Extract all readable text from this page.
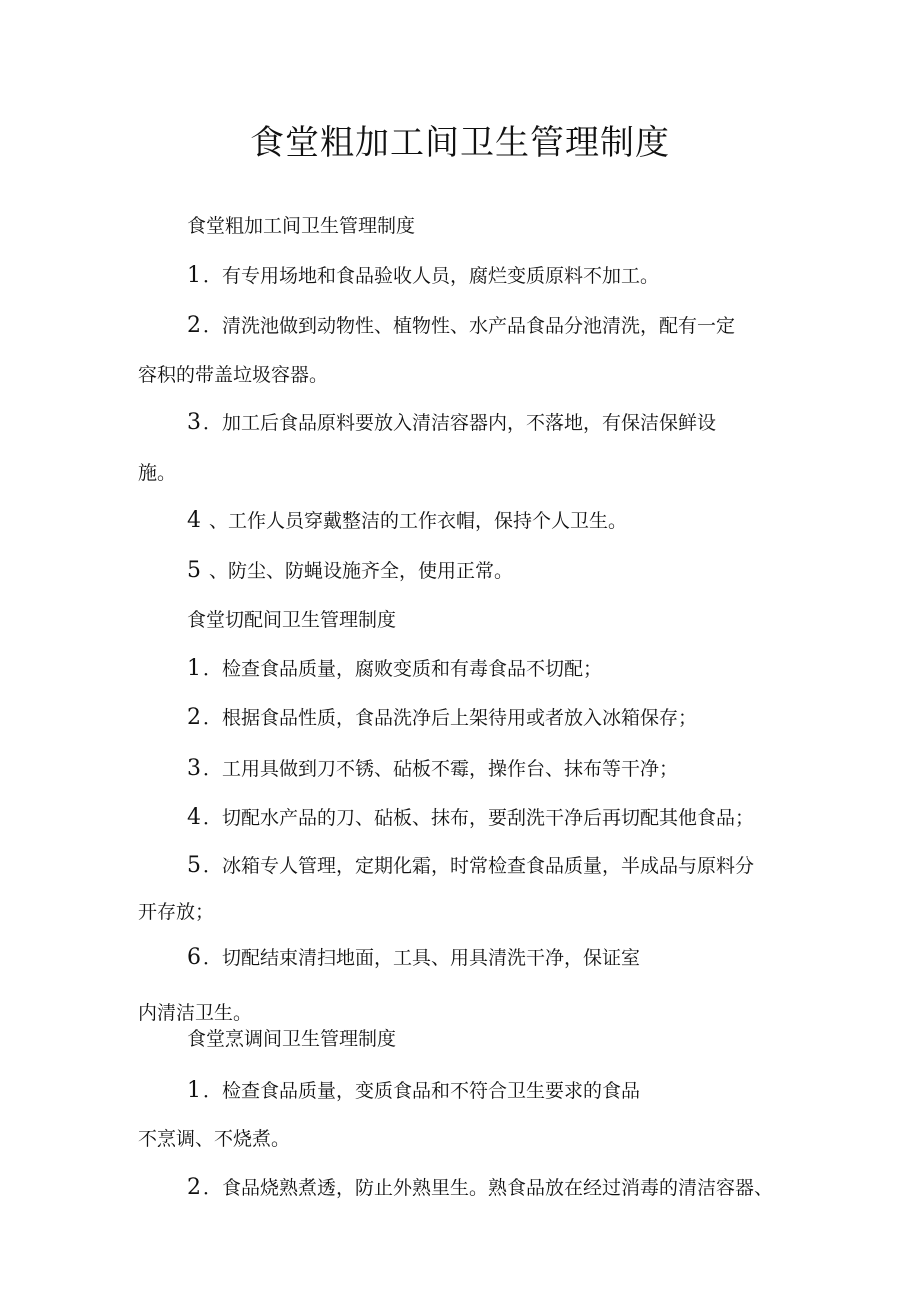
食堂粗加工间卫生管理制度
食堂粗加工间卫生管理制度
1 ．有专用场地和食品验收人员，腐烂变质原料不加工。
2 ．清洗池做到动物性、植物性、水产品食品分池清洗，配有一定
容积的带盖垃圾容器。
3 ．加工后食品原料要放入清洁容器内，不落地，有保洁保鲜设
施。
4 、工作人员穿戴整洁的工作衣帽，保持个人卫生。
5 、防尘、防蝇设施齐全，使用正常。
食堂切配间卫生管理制度
1 ．检查食品质量，腐败变质和有毒食品不切配；
2 ．根据食品性质，食品洗净后上架待用或者放入冰箱保存；
3 ．工用具做到刀不锈、砧板不霉，操作台、抹布等干净；
4 ．切配水产品的刀、砧板、抹布，要刮洗干净后再切配其他食品；
5 ．冰箱专人管理，定期化霜，时常检查食品质量，半成品与原料分
开存放；
6 ．切配结束清扫地面，工具、用具清洗干净，保证室
内清洁卫生。
食堂烹调间卫生管理制度
1 ．检查食品质量，变质食品和不符合卫生要求的食品
不烹调、不烧煮。
2 ．食品烧熟煮透，防止外熟里生。熟食品放在经过消毒的清洁容器、
